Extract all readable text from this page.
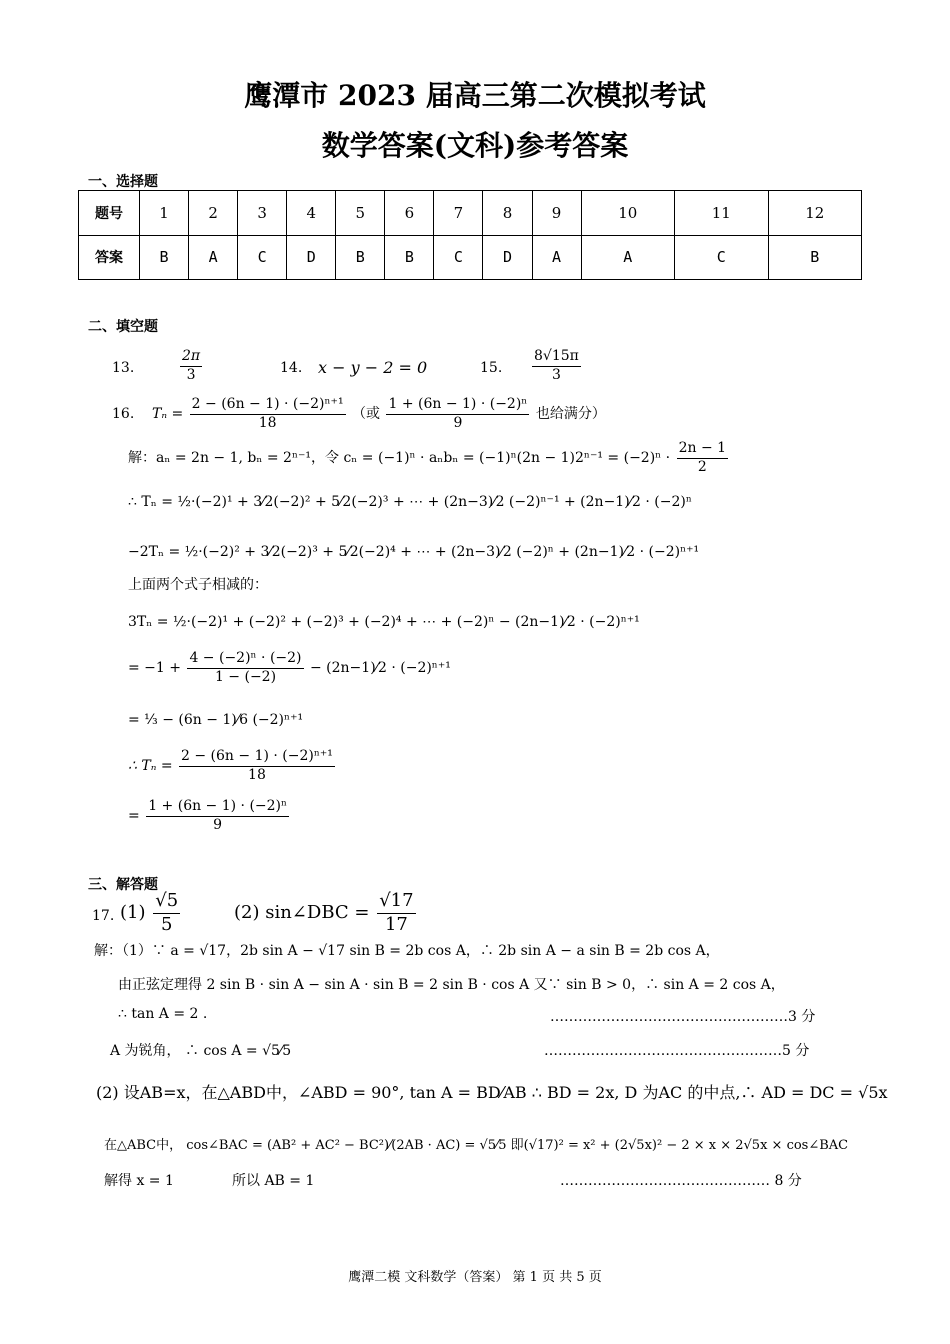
鹰潭市 2023 届高三第二次模拟考试
数学答案(文科)参考答案
一、选择题
题号	1	2	3	4	5	6	7	8	9	10	11	12
答案	B	A	C	D	B	B	C	D	A	A	C	B
二、填空题
13.	$\frac{2\pi}{3}$	14. x − y − 2 = 0	15. $\frac{8√15\pi}{3}$
16. $T_n = \frac{\text{2 − (6n − 1) · (−2)ⁿ⁺¹}}{18}$ （或 $\frac{\text{1 + (6n − 1) · (−2)ⁿ}}{9}$ 也给满分）
解：aₙ = 2n − 1, bₙ = 2ⁿ⁻¹，令 $c_n = (-1)^n \cdot a_nb_n = (-1)^n(2n - 1)2^{n-1} = (-2)^n \cdot \frac{2n - 1}{2}$
∴ Tₙ = ½·(−2)¹ + 3⁄2(−2)² + 5⁄2(−2)³ + ⋯ + (2n−3)⁄2 (−2)ⁿ⁻¹ + (2n−1)⁄2 · (−2)ⁿ
−2Tₙ = ½·(−2)² + 3⁄2(−2)³ + 5⁄2(−2)⁴ + ⋯ + (2n−3)⁄2 (−2)ⁿ + (2n−1)⁄2 · (−2)ⁿ⁺¹
上面两个式子相减的：
3Tₙ = ½·(−2)¹ + (−2)² + (−2)³ + (−2)⁴ + ⋯ + (−2)ⁿ − (2n−1)⁄2 · (−2)ⁿ⁺¹
= $-1 + \frac{\text{4 − (−2)ⁿ · (−2)}}{1 - (-2)}$ − (2n−1)⁄2 · (−2)ⁿ⁺¹
= ⅓ − (6n − 1)⁄6 (−2)ⁿ⁺¹
∴ $T_n = \frac{\text{2 − (6n − 1) · (−2)ⁿ⁺¹}}{18}$
= $\frac{\text{1 + (6n − 1) · (−2)ⁿ}}{9}$
三、解答题
17. $(1) \frac{√5}{5}$	(2) sin∠DBC = $\frac{√17}{17}$
解：（1）∵ a = √17，2b sin A − √17 sin B = 2b cos A，∴ 2b sin A − a sin B = 2b cos A，
由正弦定理得 2 sin B · sin A − sin A · sin B = 2 sin B · cos A 又∵ sin B > 0，∴ sin A = 2 cos A，
∴ tan A = 2 .	……………………………………………3 分
A 为锐角， ∴ cos A = √5⁄5	……………………………………………5 分
(2) 设AB=x，在△ABD中，∠ABD = 90°, tan A = BD⁄AB ∴ BD = 2x, D 为AC 的中点,∴ AD = DC = √5x
在△ABC中， cos∠BAC = (AB² + AC² − BC²)⁄(2AB · AC) = √5⁄5 即(√17)² = x² + (2√5x)² − 2 × x × 2√5x × cos∠BAC
解得 x = 1	所以 AB = 1	……………………………………… 8 分
鹰潭二模 文科数学（答案） 第 1 页 共 5 页
